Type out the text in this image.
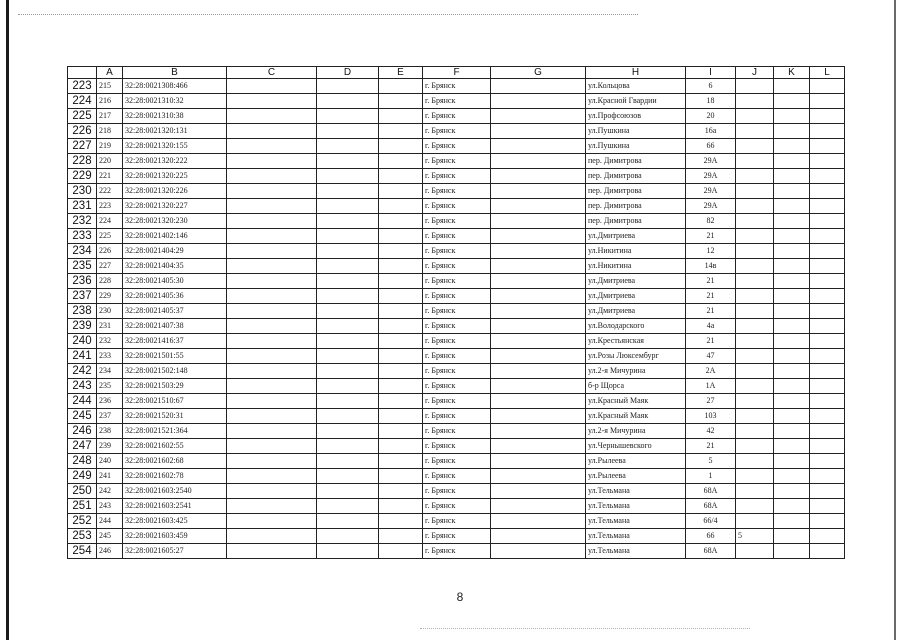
	A	B	C	D	E	F	G	H	I	J	K	L
223	215	32:28:0021308:466				г. Брянск		ул.Кольцова	6			
224	216	32:28:0021310:32				г. Брянск		ул.Красной Гвардии	18			
225	217	32:28:0021310:38				г. Брянск		ул.Профсоюзов	20			
226	218	32:28:0021320:131				г. Брянск		ул.Пушкина	16а			
227	219	32:28:0021320:155				г. Брянск		ул.Пушкина	66			
228	220	32:28:0021320:222				г. Брянск		пер. Димитрова	29А			
229	221	32:28:0021320:225				г. Брянск		пер. Димитрова	29А			
230	222	32:28:0021320:226				г. Брянск		пер. Димитрова	29А			
231	223	32:28:0021320:227				г. Брянск		пер. Димитрова	29А			
232	224	32:28:0021320:230				г. Брянск		пер. Димитрова	82			
233	225	32:28:0021402:146				г. Брянск		ул.Дмитриева	21			
234	226	32:28:0021404:29				г. Брянск		ул.Никитина	12			
235	227	32:28:0021404:35				г. Брянск		ул.Никитина	14в			
236	228	32:28:0021405:30				г. Брянск		ул.Дмитриева	21			
237	229	32:28:0021405:36				г. Брянск		ул.Дмитриева	21			
238	230	32:28:0021405:37				г. Брянск		ул.Дмитриева	21			
239	231	32:28:0021407:38				г. Брянск		ул.Володарского	4а			
240	232	32:28:0021416:37				г. Брянск		ул.Крестьянская	21			
241	233	32:28:0021501:55				г. Брянск		ул.Розы Люксембург	47			
242	234	32:28:0021502:148				г. Брянск		ул.2-я Мичурина	2А			
243	235	32:28:0021503:29				г. Брянск		б-р Щорса	1А			
244	236	32:28:0021510:67				г. Брянск		ул.Красный Маяк	27			
245	237	32:28:0021520:31				г. Брянск		ул.Красный Маяк	103			
246	238	32:28:0021521:364				г. Брянск		ул.2-я Мичурина	42			
247	239	32:28:0021602:55				г. Брянск		ул.Чернышевского	21			
248	240	32:28:0021602:68				г. Брянск		ул.Рылеева	5			
249	241	32:28:0021602:78				г. Брянск		ул.Рылеева	1			
250	242	32:28:0021603:2540				г. Брянск		ул.Тельмана	68А			
251	243	32:28:0021603:2541				г. Брянск		ул.Тельмана	68А			
252	244	32:28:0021603:425				г. Брянск		ул.Тельмана	66/4			
253	245	32:28:0021603:459				г. Брянск		ул.Тельмана	66	5		
254	246	32:28:0021605:27				г. Брянск		ул.Тельмана	68А			
8
